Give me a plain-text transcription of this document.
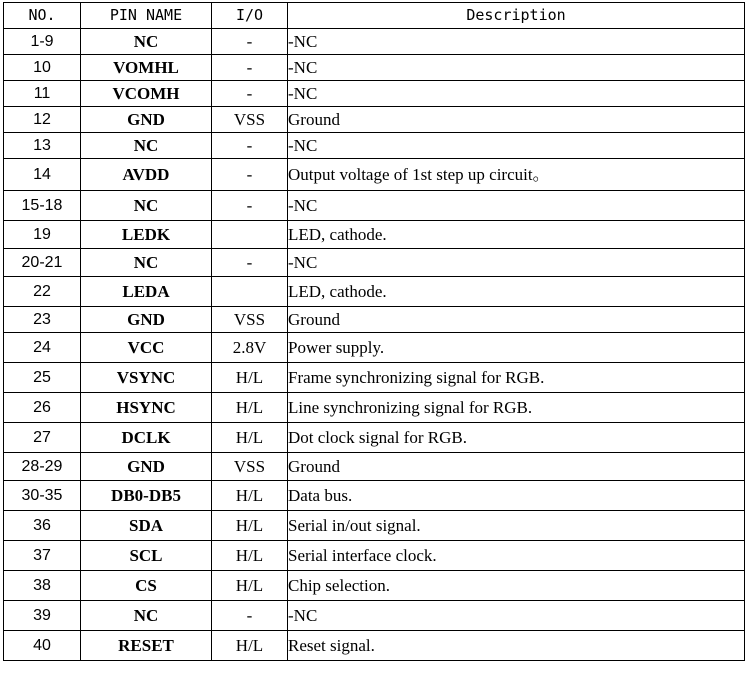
NO.	PIN NAME	I/O	Description
1-9	NC	-	-NC
10	VOMHL	-	-NC
11	VCOMH	-	-NC
12	GND	VSS	Ground
13	NC	-	-NC
14	AVDD	-	Output voltage of 1st step up circuit。
15-18	NC	-	-NC
19	LEDK		LED, cathode.
20-21	NC	-	-NC
22	LEDA		LED, cathode.
23	GND	VSS	Ground
24	VCC	2.8V	Power supply.
25	VSYNC	H/L	Frame synchronizing signal for RGB.
26	HSYNC	H/L	Line synchronizing signal for RGB.
27	DCLK	H/L	Dot clock signal for RGB.
28-29	GND	VSS	Ground
30-35	DB0-DB5	H/L	Data bus.
36	SDA	H/L	Serial in/out signal.
37	SCL	H/L	Serial interface clock.
38	CS	H/L	Chip selection.
39	NC	-	-NC
40	RESET	H/L	Reset signal.
